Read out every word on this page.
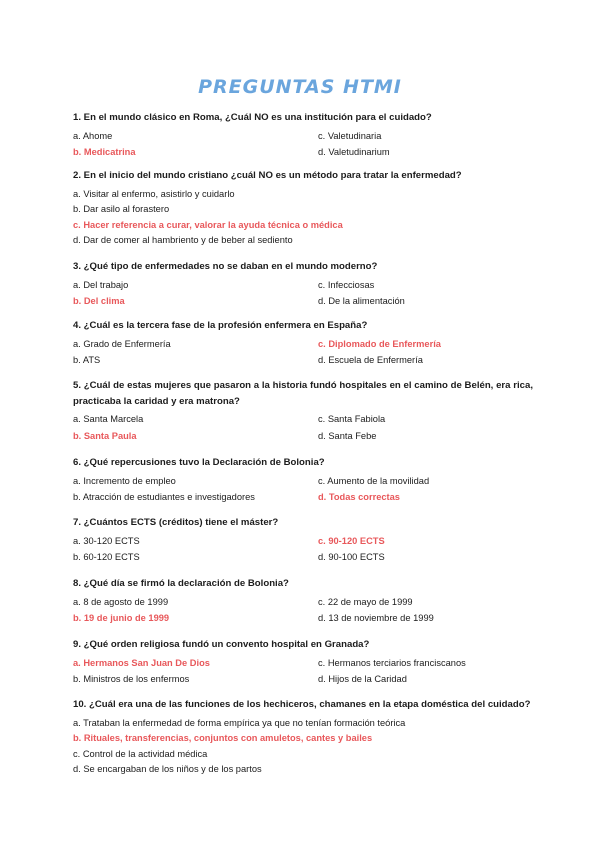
PREGUNTAS HTMI
1. En el mundo clásico en Roma, ¿Cuál NO es una institución para el cuidado?
a. Ahome	c. Valetudinaria
b. Medicatrina	d. Valetudinarium
2. En el inicio del mundo cristiano ¿cuál NO es un método para tratar la enfermedad?
a. Visitar al enfermo, asistirlo y cuidarlo
b. Dar asilo al forastero
c. Hacer referencia a curar, valorar la ayuda técnica o médica
d. Dar de comer al hambriento y de beber al sediento
3. ¿Qué tipo de enfermedades no se daban en el mundo moderno?
a. Del trabajo	c. Infecciosas
b. Del clima	d. De la alimentación
4. ¿Cuál es la tercera fase de la profesión enfermera en España?
a. Grado de Enfermería	c. Diplomado de Enfermería
b. ATS	d. Escuela de Enfermería
5. ¿Cuál de estas mujeres que pasaron a la historia fundó hospitales en el camino de Belén, era rica, practicaba la caridad y era matrona?
a. Santa Marcela	c. Santa Fabiola
b. Santa Paula	d. Santa Febe
6. ¿Qué repercusiones tuvo la Declaración de Bolonia?
a. Incremento de empleo	c. Aumento de la movilidad
b. Atracción de estudiantes e investigadores	d. Todas correctas
7. ¿Cuántos ECTS (créditos) tiene el máster?
a. 30-120 ECTS	c. 90-120 ECTS
b. 60-120 ECTS	d. 90-100 ECTS
8. ¿Qué día se firmó la declaración de Bolonia?
a. 8 de agosto de 1999	c. 22 de mayo de 1999
b. 19 de junio de 1999	d. 13 de noviembre de 1999
9. ¿Qué orden religiosa fundó un convento hospital en Granada?
a. Hermanos San Juan De Dios	c. Hermanos terciarios franciscanos
b. Ministros de los enfermos	d. Hijos de la Caridad
10. ¿Cuál era una de las funciones de los hechiceros, chamanes en la etapa doméstica del cuidado?
a. Trataban la enfermedad de forma empírica ya que no tenían formación teórica
b. Rituales, transferencias, conjuntos con amuletos, cantes y bailes
c. Control de la actividad médica
d. Se encargaban de los niños y de los partos
